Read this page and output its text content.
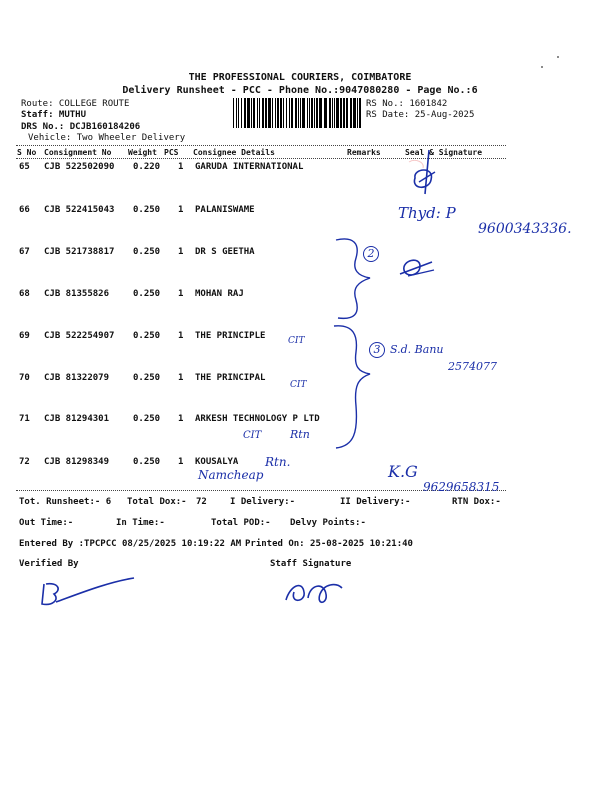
THE PROFESSIONAL COURIERS, COIMBATORE
Delivery Runsheet - PCC - Phone No.:9047080280 - Page No.:6
Route: COLLEGE ROUTE
Staff: MUTHU
DRS No.: DCJB160184206
Vehicle: Two Wheeler Delivery
RS No.: 1601842
RS Date: 25-Aug-2025
S No Consignment No Weight PCS Consignee Details	Remarks	Seal & Signature
65 CJB 522502090 0.220 1 GARUDA INTERNATIONAL
66 CJB 522415043 0.250 1 PALANISWAME
67 CJB 521738817 0.250 1 DR S GEETHA
68 CJB 81355826	0.250 1 MOHAN RAJ
69 CJB 522254907 0.250 1 THE PRINCIPLE
70 CJB 81322079	0.250 1 THE PRINCIPAL
71 CJB 81294301	0.250 1 ARKESH TECHNOLOGY P LTD
72 CJB 81298349	0.250 1 KOUSALYA
Tot. Runsheet:- 6 Total Dox:- 72	I Delivery:-	II Delivery:-	RTN Dox:-
Out Time:-	In Time:-	Total POD:- Delvy Points:-
Entered By :TPCPCC 08/25/2025 10:19:22 AM Printed On: 25-08-2025 10:21:40
Verified By	Staff Signature
Thyd: P
9600343336.
2
3 S.d. Banu
2574077
CIT
CIT
CIT	Rtn
Rtn.
Namcheap	K.G
9629658315
